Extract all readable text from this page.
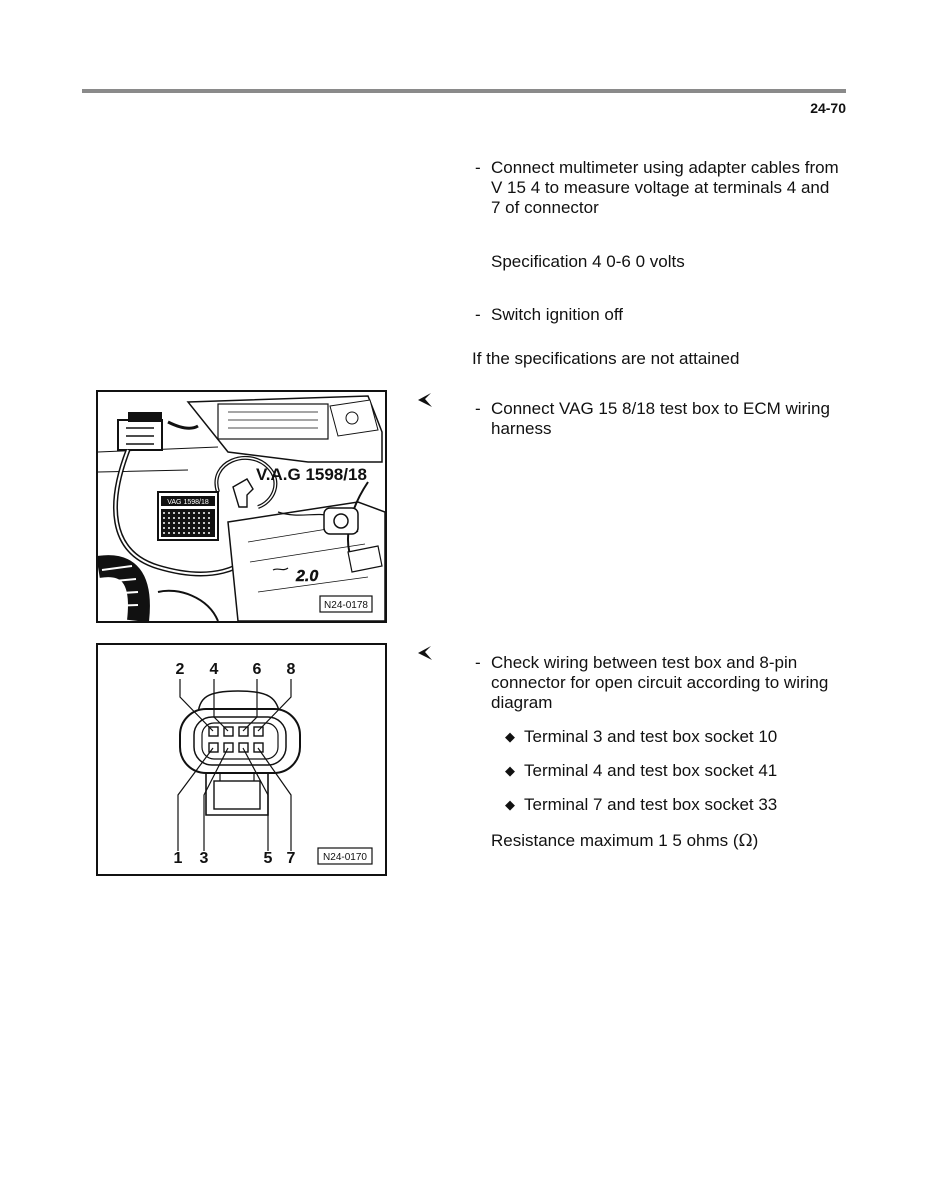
24-70
- Connect multimeter using adapter cables from
V 15 4 to measure voltage at terminals 4 and
7 of connector
Specification 4 0-6 0 volts
- Switch ignition off
If the specifications are not attained
- Connect VAG 15 8/18 test box to ECM wiring
harness
2.0
VAG 1598/18
V.A.G 1598/18
N24-0178
- Check wiring between test box and 8-pin
connector for open circuit according to wiring
diagram
◆ Terminal 3 and test box socket 10
◆ Terminal 4 and test box socket 41
◆ Terminal 7 and test box socket 33
Resistance maximum 1 5 ohms (Ω)
2 4 6 8
1 3	5 7	N24-0170
